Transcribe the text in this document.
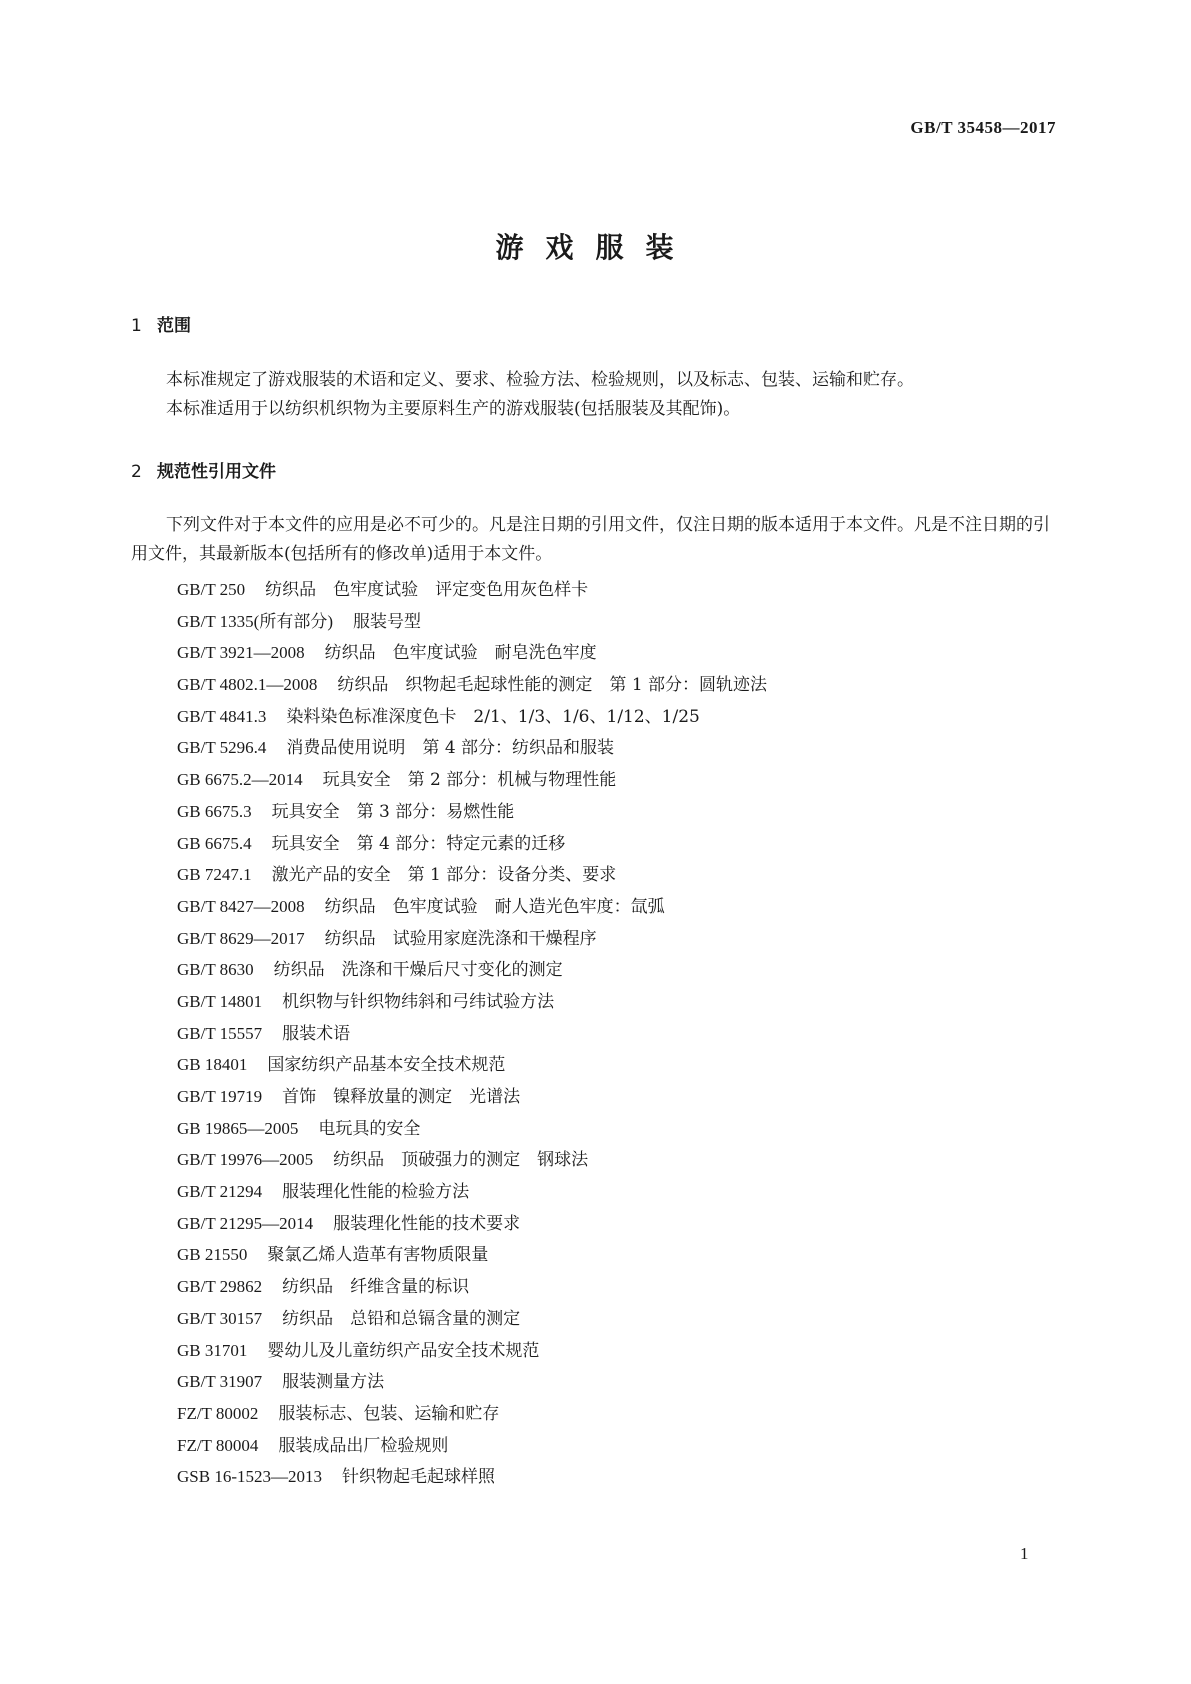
GB/T 35458—2017
游戏服装
1 范围

本标准规定了游戏服装的术语和定义、要求、检验方法、检验规则，以及标志、包装、运输和贮存。

本标准适用于以纺织机织物为主要原料生产的游戏服装(包括服装及其配饰)。

2 规范性引用文件

下列文件对于本文件的应用是必不可少的。凡是注日期的引用文件，仅注日期的版本适用于本文件。凡是不注日期的引用文件，其最新版本(包括所有的修改单)适用于本文件。

GB/T 250 纺织品　色牢度试验　评定变色用灰色样卡
GB/T 1335(所有部分) 服装号型
GB/T 3921—2008 纺织品　色牢度试验　耐皂洗色牢度
GB/T 4802.1—2008 纺织品　织物起毛起球性能的测定　第 1 部分：圆轨迹法
GB/T 4841.3 染料染色标准深度色卡　2/1、1/3、1/6、1/12、1/25
GB/T 5296.4 消费品使用说明　第 4 部分：纺织品和服装
GB 6675.2—2014 玩具安全　第 2 部分：机械与物理性能
GB 6675.3 玩具安全　第 3 部分：易燃性能
GB 6675.4 玩具安全　第 4 部分：特定元素的迁移
GB 7247.1 激光产品的安全　第 1 部分：设备分类、要求
GB/T 8427—2008 纺织品　色牢度试验　耐人造光色牢度：氙弧
GB/T 8629—2017 纺织品　试验用家庭洗涤和干燥程序
GB/T 8630 纺织品　洗涤和干燥后尺寸变化的测定
GB/T 14801 机织物与针织物纬斜和弓纬试验方法
GB/T 15557 服装术语
GB 18401 国家纺织产品基本安全技术规范
GB/T 19719 首饰　镍释放量的测定　光谱法
GB 19865—2005 电玩具的安全
GB/T 19976—2005 纺织品　顶破强力的测定　钢球法
GB/T 21294 服装理化性能的检验方法
GB/T 21295—2014 服装理化性能的技术要求
GB 21550 聚氯乙烯人造革有害物质限量
GB/T 29862 纺织品　纤维含量的标识
GB/T 30157 纺织品　总铅和总镉含量的测定
GB 31701 婴幼儿及儿童纺织产品安全技术规范
GB/T 31907 服装测量方法
FZ/T 80002 服装标志、包装、运输和贮存
FZ/T 80004 服装成品出厂检验规则
GSB 16-1523—2013 针织物起毛起球样照
1
